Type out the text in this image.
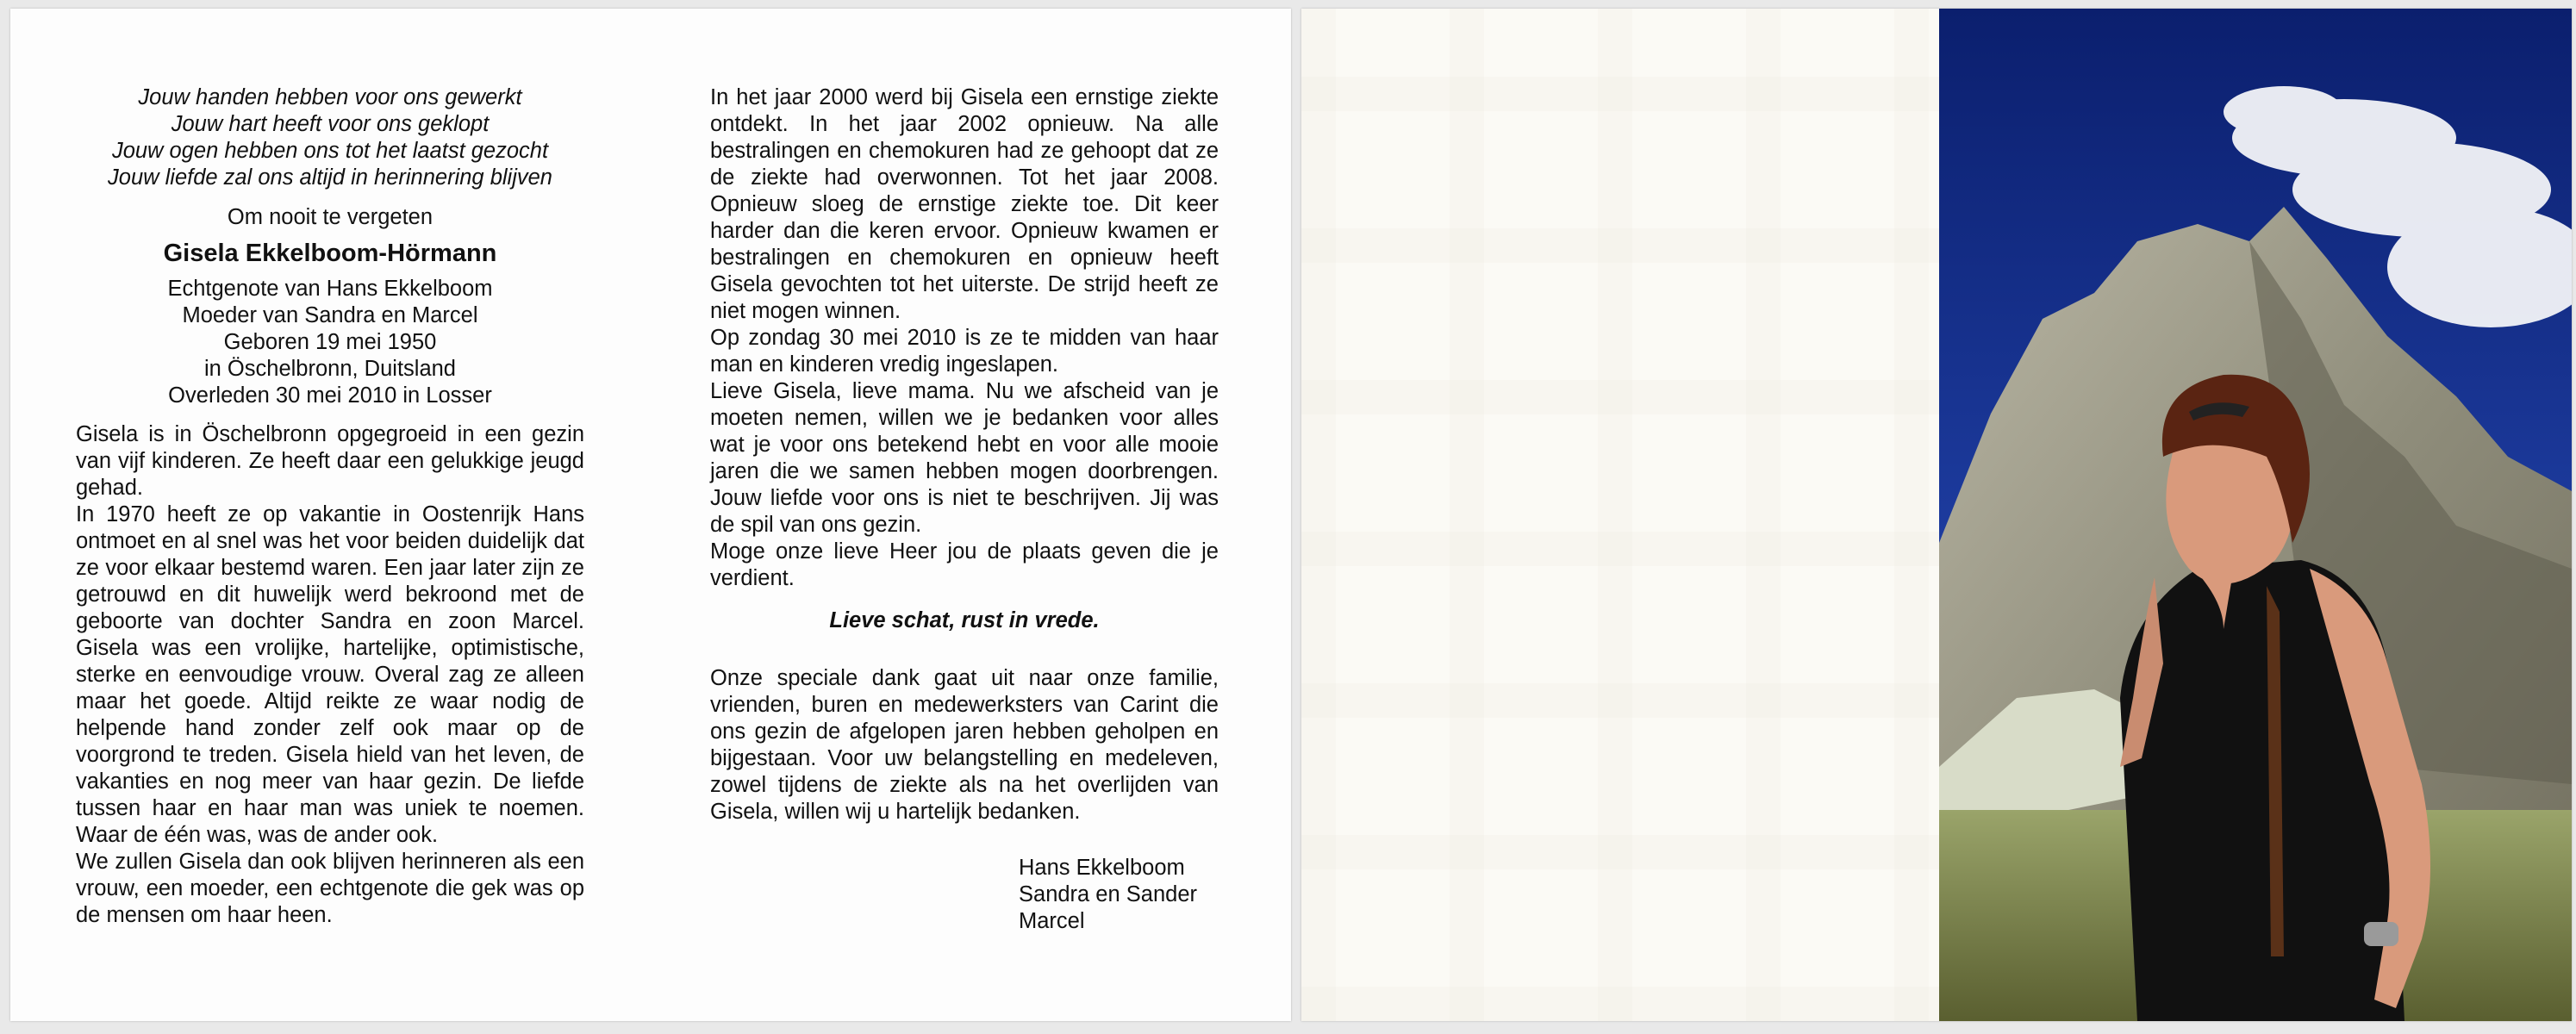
Jouw handen hebben voor ons gewerkt

Jouw hart heeft voor ons geklopt

Jouw ogen hebben ons tot het laatst gezocht

Jouw liefde zal ons altijd in herinnering blijven

Om nooit te vergeten
Gisela Ekkelboom-Hörmann

Echtgenote van Hans Ekkelboom

Moeder van Sandra en Marcel

Geboren 19 mei 1950

in Öschelbronn, Duitsland

Overleden 30 mei 2010 in Losser

Gisela is in Öschelbronn opgegroeid in een gezin van vijf kinderen. Ze heeft daar een gelukkige jeugd gehad.

In 1970 heeft ze op vakantie in Oostenrijk Hans ontmoet en al snel was het voor beiden duidelijk dat ze voor elkaar bestemd waren. Een jaar later zijn ze getrouwd en dit huwelijk werd bekroond met de geboorte van dochter Sandra en zoon Marcel. Gisela was een vrolijke, hartelijke, optimistische, sterke en eenvoudige vrouw. Overal zag ze alleen maar het goede. Altijd reikte ze waar nodig de helpende hand zonder zelf ook maar op de voorgrond te treden. Gisela hield van het leven, de vakanties en nog meer van haar gezin. De liefde tussen haar en haar man was uniek te noemen. Waar de één was, was de ander ook.

We zullen Gisela dan ook blijven herinneren als een vrouw, een moeder, een echtgenote die gek was op de mensen om haar heen.

In het jaar 2000 werd bij Gisela een ernstige ziekte ontdekt. In het jaar 2002 opnieuw. Na alle bestralingen en chemokuren had ze gehoopt dat ze de ziekte had overwonnen. Tot het jaar 2008. Opnieuw sloeg de ernstige ziekte toe. Dit keer harder dan die keren ervoor. Opnieuw kwamen er bestralingen en chemokuren en opnieuw heeft Gisela gevochten tot het uiterste. De strijd heeft ze niet mogen winnen.

Op zondag 30 mei 2010 is ze te midden van haar man en kinderen vredig ingeslapen.

Lieve Gisela, lieve mama. Nu we afscheid van je moeten nemen, willen we je bedanken voor alles wat je voor ons betekend hebt en voor alle mooie jaren die we samen hebben mogen doorbrengen. Jouw liefde voor ons is niet te beschrijven. Jij was de spil van ons gezin.

Moge onze lieve Heer jou de plaats geven die je verdient.

Lieve schat, rust in vrede.

Onze speciale dank gaat uit naar onze familie, vrienden, buren en medewerksters van Carint die ons gezin de afgelopen jaren hebben geholpen en bijgestaan. Voor uw belangstelling en medeleven, zowel tijdens de ziekte als na het overlijden van Gisela, willen wij u hartelijk bedanken.

Hans Ekkelboom

Sandra en Sander

Marcel
